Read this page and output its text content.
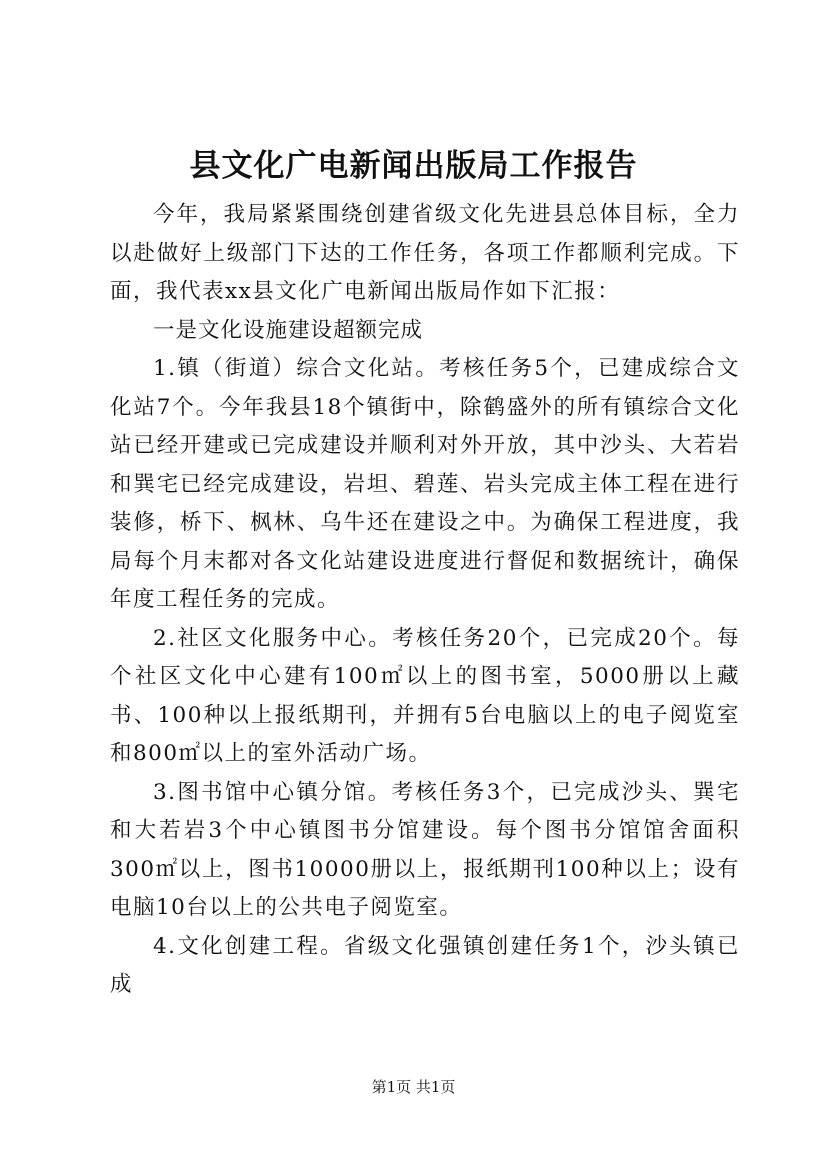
县文化广电新闻出版局工作报告

今年，我局紧紧围绕创建省级文化先进县总体目标，全力以赴做好上级部门下达的工作任务，各项工作都顺利完成。下面，我代表xx县文化广电新闻出版局作如下汇报：

一是文化设施建设超额完成

1.镇（街道）综合文化站。考核任务5个，已建成综合文化站7个。今年我县18个镇街中，除鹤盛外的所有镇综合文化站已经开建或已完成建设并顺利对外开放，其中沙头、大若岩和巽宅已经完成建设，岩坦、碧莲、岩头完成主体工程在进行装修，桥下、枫林、乌牛还在建设之中。为确保工程进度，我局每个月末都对各文化站建设进度进行督促和数据统计，确保年度工程任务的完成。

2.社区文化服务中心。考核任务20个，已完成20个。每个社区文化中心建有100㎡以上的图书室，5000册以上藏书、100种以上报纸期刊，并拥有5台电脑以上的电子阅览室和800㎡以上的室外活动广场。

3.图书馆中心镇分馆。考核任务3个，已完成沙头、巽宅和大若岩3个中心镇图书分馆建设。每个图书分馆馆舍面积300㎡以上，图书10000册以上，报纸期刊100种以上；设有电脑10台以上的公共电子阅览室。

4.文化创建工程。省级文化强镇创建任务1个，沙头镇已成

第1页 共1页
